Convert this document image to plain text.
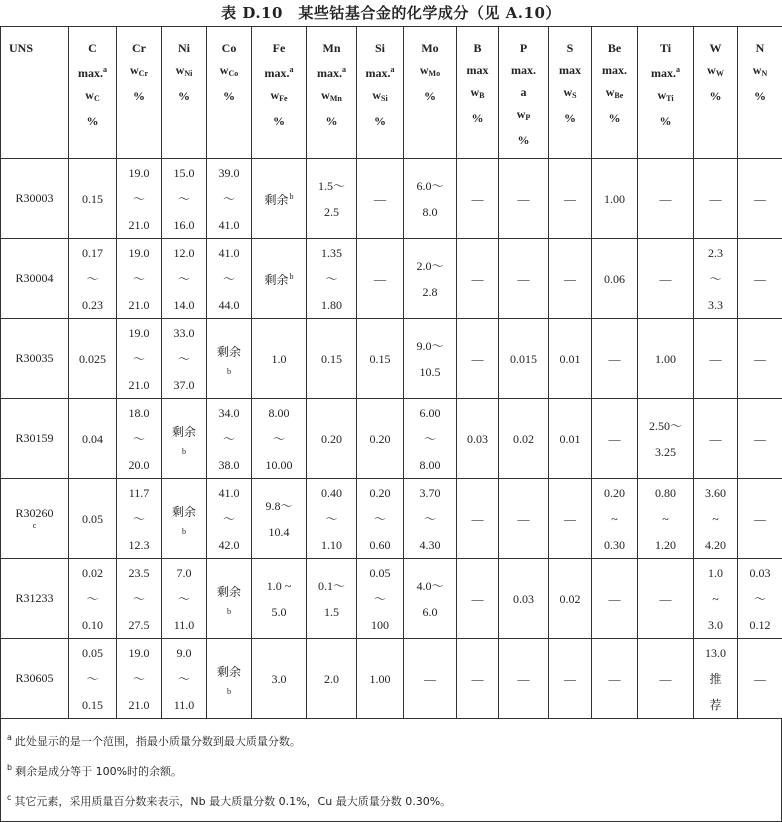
表 D.10　某些钴基合金的化学成分（见 A.10）
UNS	C
max.$^a$
$w_C$
%	Cr
$w_{Cr}$
%	Ni
$w_{Ni}$
%	Co
$w_{Co}$
%	Fe
max.$^a$
$w_{Fe}$
%	Mn
max.$^a$
$w_{Mn}$
%	Si
max.$^a$
$w_{Si}$
%	Mo
$w_{Mo}$
%	B
max
$w_B$
%	P
max.
a
$w_P$
%	S
max
$w_S$
%	Be
max.
$w_{Be}$
%	Ti
max.$^a$
$w_{Ti}$
%	W
$w_W$
%	N
$w_N$
%

R30003	0.15	19.0
～
21.0	15.0
～
16.0	39.0
～
41.0	剩余$^b$	1.5～
2.5	—	6.0～
8.0	—	—	—	1.00	—	—	—

R30004	0.17
～
0.23	19.0
～
21.0	12.0
～
14.0	41.0
～
44.0	剩余$^b$	1.35
～
1.80	—	2.0～
2.8	—	—	—	0.06	—	2.3
～
3.3	—

R30035	0.025	19.0
～
21.0	33.0
～
37.0	剩余
b	1.0	0.15	0.15	9.0～
10.5	—	0.015	0.01	—	1.00	—	—

R30159	0.04	18.0
～
20.0	剩余
b	34.0
～
38.0	8.00
～
10.00	0.20	0.20	6.00
～
8.00	0.03	0.02	0.01	—	2.50～
3.25	—	—

R30260
c	0.05	11.7
～
12.3	剩余
b	41.0
～
42.0	9.8～
10.4	0.40
～
1.10	0.20
～
0.60	3.70
～
4.30	—	—	—	0.20
~
0.30	0.80
~
1.20	3.60
~
4.20	—

R31233	0.02
～
0.10	23.5
～
27.5	7.0
～
11.0	剩余
b	1.0 ~
5.0	0.1～
1.5	0.05
～
100	4.0～
6.0	—	0.03	0.02	—	—	1.0
~
3.0	0.03
～
0.12

R30605	0.05
～
0.15	19.0
～
21.0	9.0
～
11.0	剩余
b	3.0	2.0	1.00	—	—	—	—	—	—	13.0
推
荐	—
$^a$ 此处显示的是一个范围，指最小质量分数到最大质量分数。
$^b$ 剩余是成分等于 100%时的余额。
$^c$ 其它元素，采用质量百分数来表示，Nb 最大质量分数 0.1%，Cu 最大质量分数 0.30%。
